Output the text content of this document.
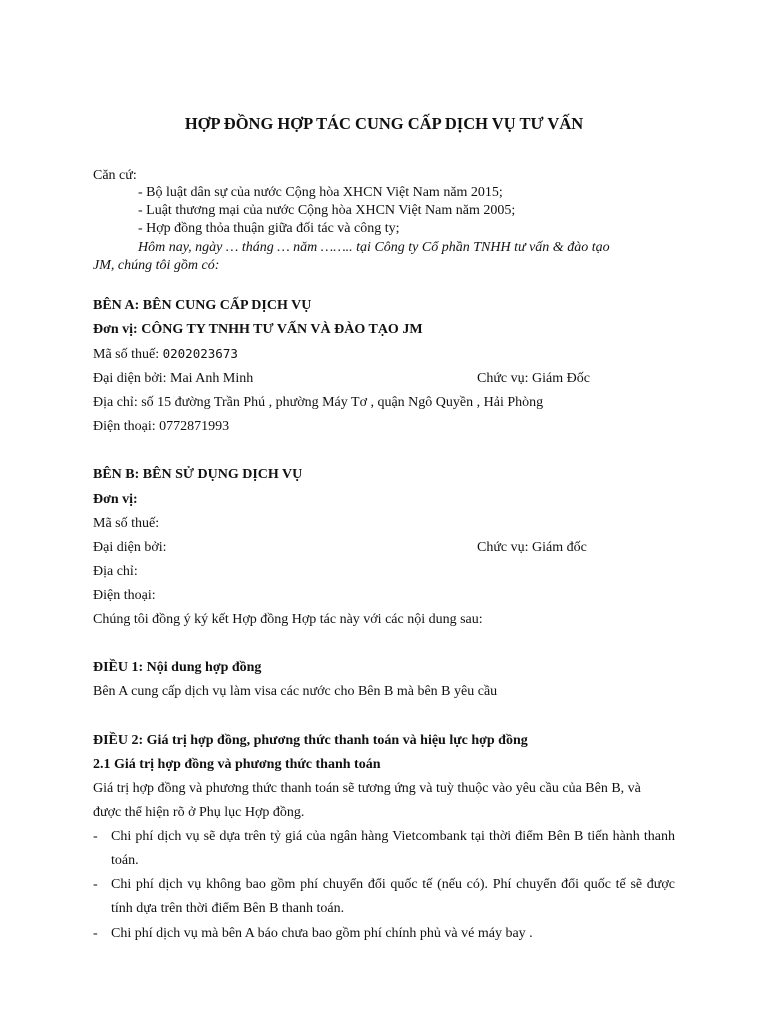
HỢP ĐỒNG HỢP TÁC CUNG CẤP DỊCH VỤ TƯ VẤN
Căn cứ:
- Bộ luật dân sự của nước Cộng hòa XHCN Việt Nam năm 2015;
- Luật thương mại của nước Cộng hòa XHCN Việt Nam năm 2005;
- Hợp đồng thỏa thuận giữa đối tác và công ty;
Hôm nay, ngày … tháng … năm …….. tại Công ty Cổ phần TNHH tư vấn & đào tạo
JM, chúng tôi gồm có:
BÊN A: BÊN CUNG CẤP DỊCH VỤ
Đơn vị: CÔNG TY TNHH TƯ VẤN VÀ ĐÀO TẠO JM
Mã số thuế: 0202023673
Đại diện bởi: Mai Anh Minh	Chức vụ: Giám Đốc
Địa chỉ: số 15 đường Trần Phú , phường Máy Tơ , quận Ngô Quyền , Hải Phòng
Điện thoại: 0772871993
BÊN B: BÊN SỬ DỤNG DỊCH VỤ
Đơn vị:
Mã số thuế:
Đại diện bởi:	Chức vụ: Giám đốc
Địa chỉ:
Điện thoại:
Chúng tôi đồng ý ký kết Hợp đồng Hợp tác này với các nội dung sau:
ĐIỀU 1: Nội dung hợp đồng
Bên A cung cấp dịch vụ làm visa các nước cho Bên B mà bên B yêu cầu
ĐIỀU 2: Giá trị hợp đồng, phương thức thanh toán và hiệu lực hợp đồng
2.1 Giá trị hợp đồng và phương thức thanh toán
Giá trị hợp đồng và phương thức thanh toán sẽ tương ứng và tuỳ thuộc vào yêu cầu của Bên B, và
được thể hiện rõ ở Phụ lục Hợp đồng.
- Chi phí dịch vụ sẽ dựa trên tỷ giá của ngân hàng Vietcombank tại thời điểm Bên B tiến hành thanh toán.
- Chi phí dịch vụ không bao gồm phí chuyển đổi quốc tế (nếu có). Phí chuyển đổi quốc tế sẽ được tính dựa trên thời điểm Bên B thanh toán.
- Chi phí dịch vụ mà bên A báo chưa bao gồm phí chính phủ và vé máy bay .
